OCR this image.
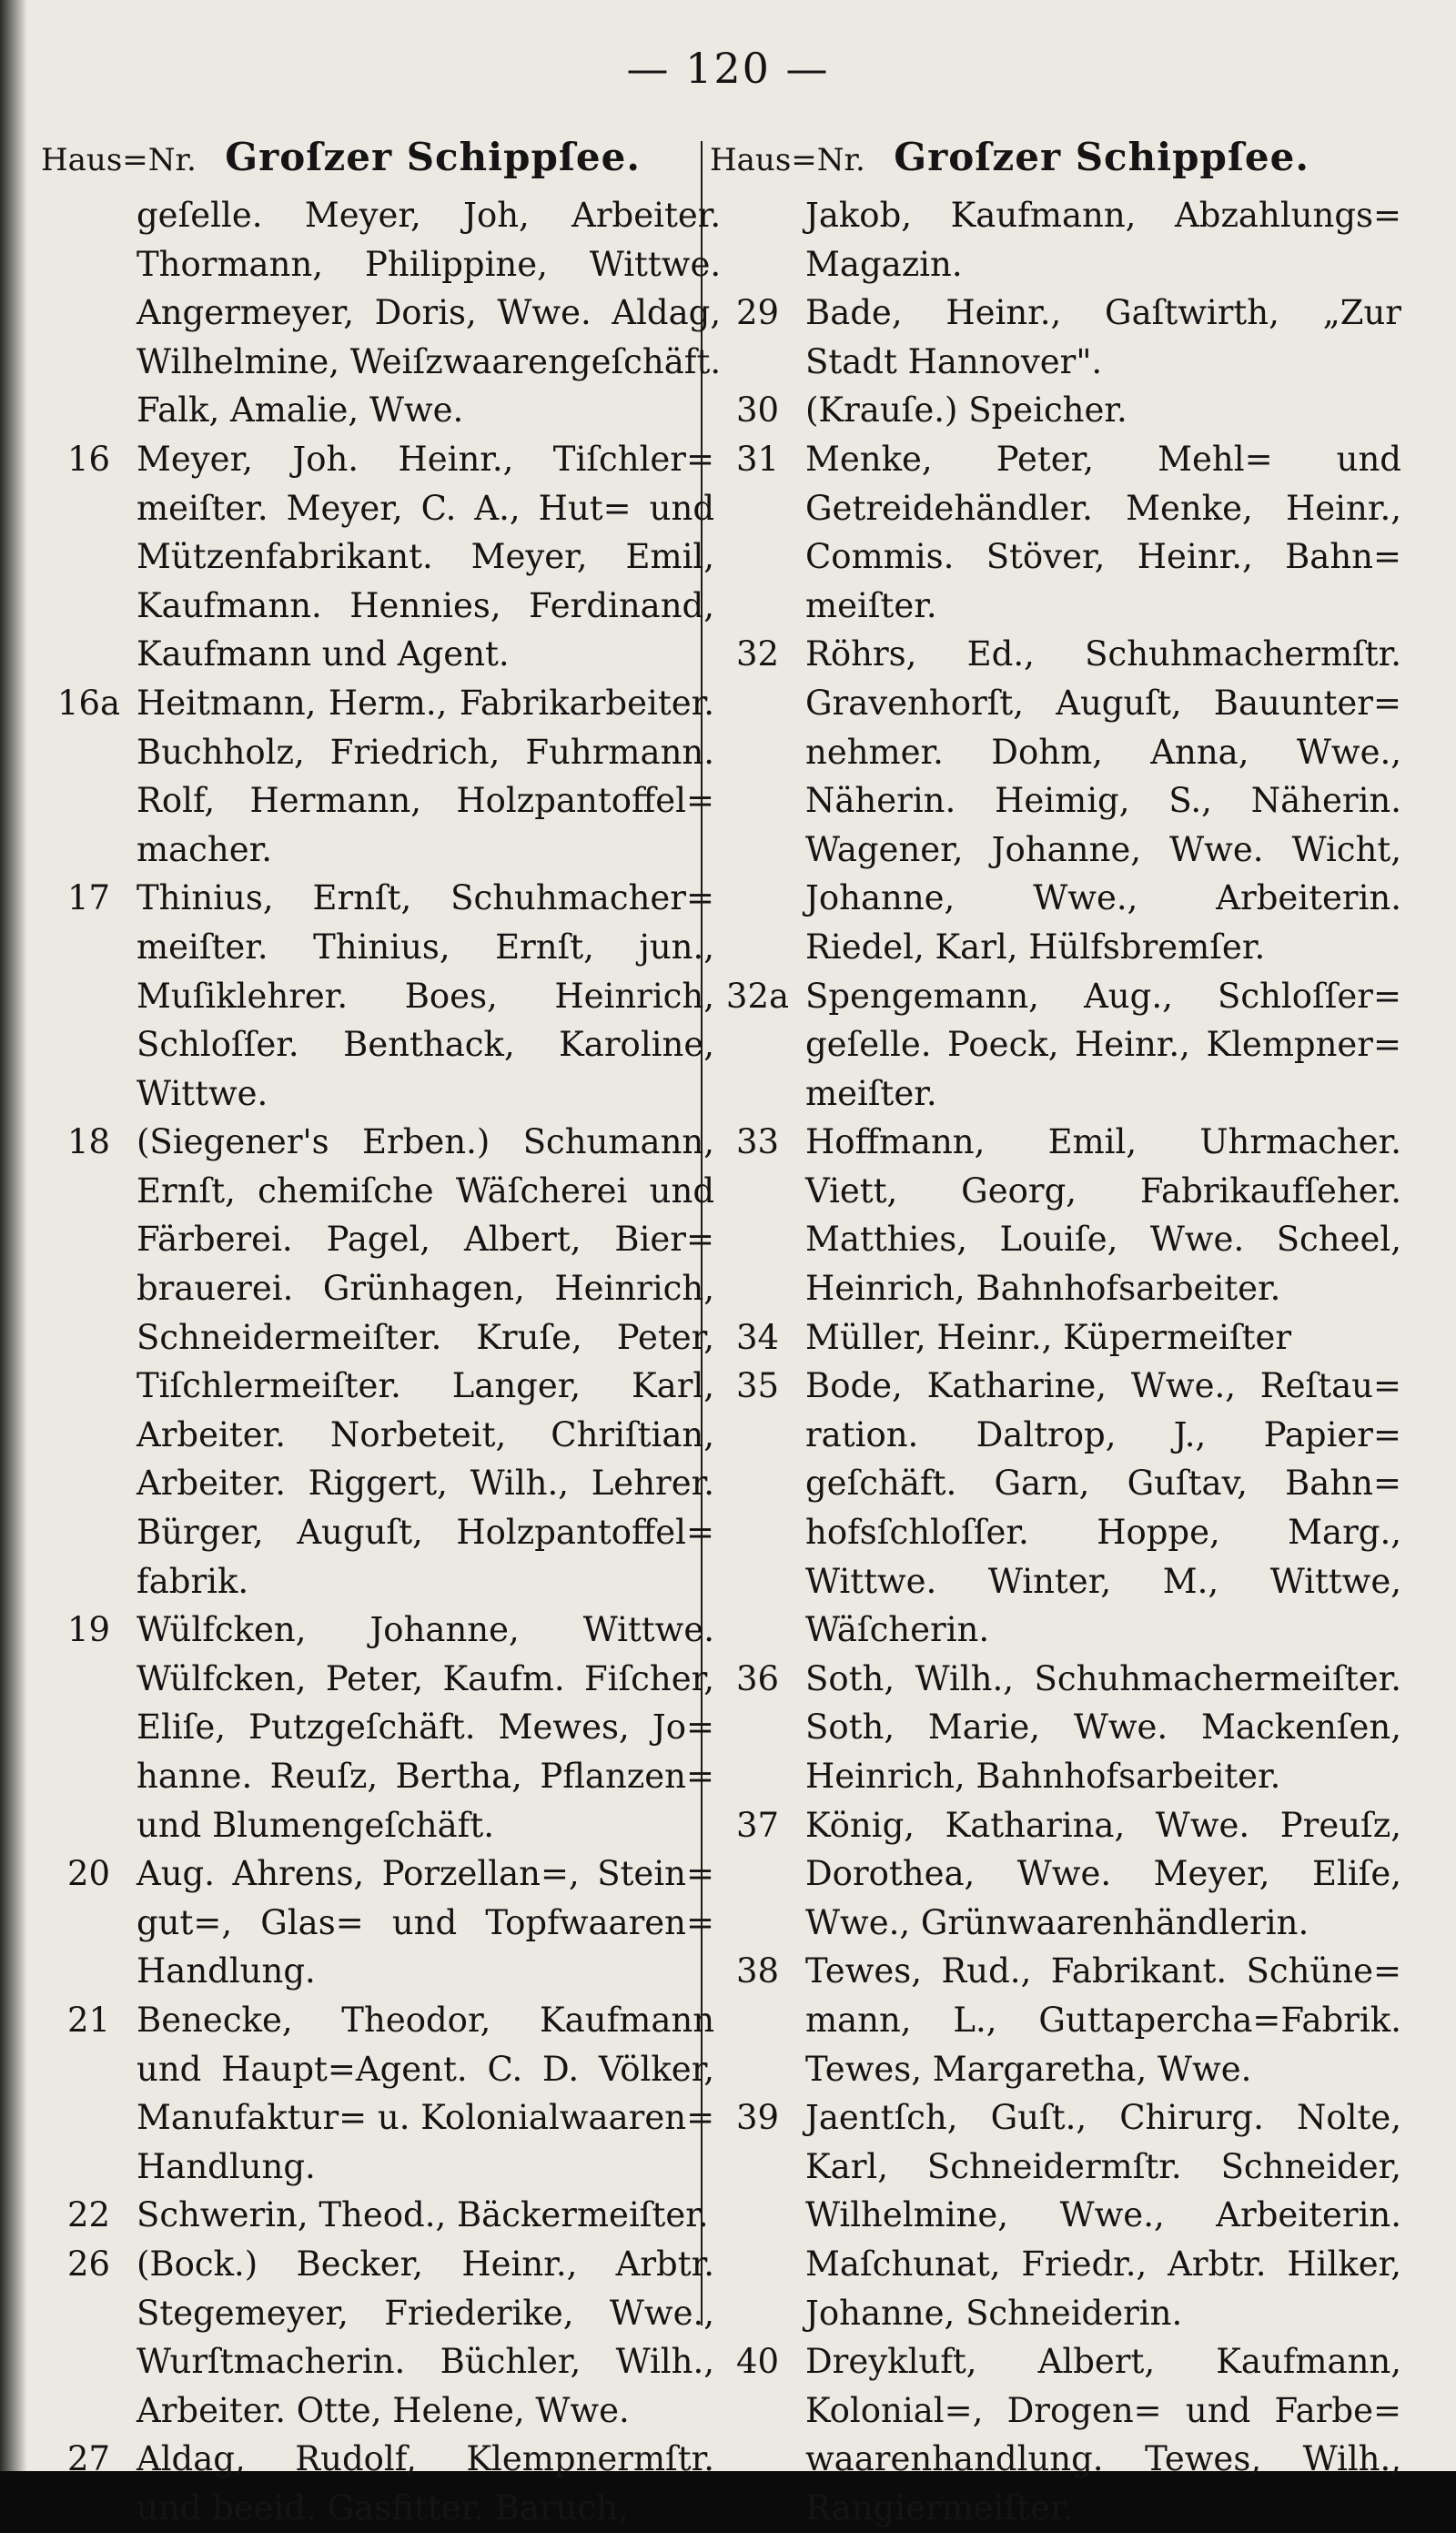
— 120 —
Haus=Nr. Groſzer Schippſee.
geſelle. Meyer, Joh, Arbeiter.
Thormann, Philippine, Wittwe.
Angermeyer, Doris, Wwe. Aldag,
Wilhelmine, Weiſzwaarengeſchäft.
Falk, Amalie, Wwe.
16 Meyer, Joh. Heinr., Tiſchler=
meiſter. Meyer, C. A., Hut= und
Mützenfabrikant. Meyer, Emil,
Kaufmann. Hennies, Ferdinand,
Kaufmann und Agent.
16a Heitmann, Herm., Fabrikarbeiter.
Buchholz, Friedrich, Fuhrmann.
Rolf, Hermann, Holzpantoffel=
macher.
17 Thinius, Ernſt, Schuhmacher=
meiſter. Thinius, Ernſt, jun.,
Muſiklehrer. Boes, Heinrich,
Schloſſer. Benthack, Karoline,
Wittwe.
18 (Siegener's Erben.) Schumann,
Ernſt, chemiſche Wäſcherei und
Färberei. Pagel, Albert, Bier=
brauerei. Grünhagen, Heinrich,
Schneidermeiſter. Kruſe, Peter,
Tiſchlermeiſter. Langer, Karl,
Arbeiter. Norbeteit, Chriſtian,
Arbeiter. Riggert, Wilh., Lehrer.
Bürger, Auguſt, Holzpantoffel=
fabrik.
19 Wülfcken, Johanne, Wittwe.
Wülfcken, Peter, Kaufm. Fiſcher,
Eliſe, Putzgeſchäft. Mewes, Jo=
hanne. Reuſz, Bertha, Pflanzen=
und Blumengeſchäft.
20 Aug. Ahrens, Porzellan=, Stein=
gut=, Glas= und Topfwaaren=
Handlung.
21 Benecke, Theodor, Kaufmann
und Haupt=Agent. C. D. Völker,
Manufaktur= u. Kolonialwaaren=
Handlung.
22 Schwerin, Theod., Bäckermeiſter.
26 (Bock.) Becker, Heinr., Arbtr.
Stegemeyer, Friederike, Wwe.,
Wurſtmacherin. Büchler, Wilh.,
Arbeiter. Otte, Helene, Wwe.
27 Aldag, Rudolf, Klempnermſtr.
und beeid. Gasfitter. Baruch,
Haus=Nr. Groſzer Schippſee.
Jakob, Kaufmann, Abzahlungs=
Magazin.
29 Bade, Heinr., Gaſtwirth, „Zur
Stadt Hannover".
30 (Krauſe.) Speicher.
31 Menke, Peter, Mehl= und
Getreidehändler. Menke, Heinr.,
Commis. Stöver, Heinr., Bahn=
meiſter.
32 Röhrs, Ed., Schuhmachermſtr.
Gravenhorſt, Auguſt, Bauunter=
nehmer. Dohm, Anna, Wwe.,
Näherin. Heimig, S., Näherin.
Wagener, Johanne, Wwe. Wicht,
Johanne, Wwe., Arbeiterin.
Riedel, Karl, Hülfsbremſer.
32a Spengemann, Aug., Schloſſer=
geſelle. Poeck, Heinr., Klempner=
meiſter.
33 Hoffmann, Emil, Uhrmacher.
Viett, Georg, Fabrikaufſeher.
Matthies, Louiſe, Wwe. Scheel,
Heinrich, Bahnhofsarbeiter.
34 Müller, Heinr., Küpermeiſter
35 Bode, Katharine, Wwe., Reſtau=
ration. Daltrop, J., Papier=
geſchäft. Garn, Guſtav, Bahn=
hofsſchloſſer. Hoppe, Marg.,
Wittwe. Winter, M., Wittwe,
Wäſcherin.
36 Soth, Wilh., Schuhmachermeiſter.
Soth, Marie, Wwe. Mackenſen,
Heinrich, Bahnhofsarbeiter.
37 König, Katharina, Wwe. Preuſz,
Dorothea, Wwe. Meyer, Eliſe,
Wwe., Grünwaarenhändlerin.
38 Tewes, Rud., Fabrikant. Schüne=
mann, L., Guttapercha=Fabrik.
Tewes, Margaretha, Wwe.
39 Jaentſch, Guſt., Chirurg. Nolte,
Karl, Schneidermſtr. Schneider,
Wilhelmine, Wwe., Arbeiterin.
Maſchunat, Friedr., Arbtr. Hilker,
Johanne, Schneiderin.
40 Dreykluft, Albert, Kaufmann,
Kolonial=, Drogen= und Farbe=
waarenhandlung. Tewes, Wilh.,
Rangiermeiſter.
